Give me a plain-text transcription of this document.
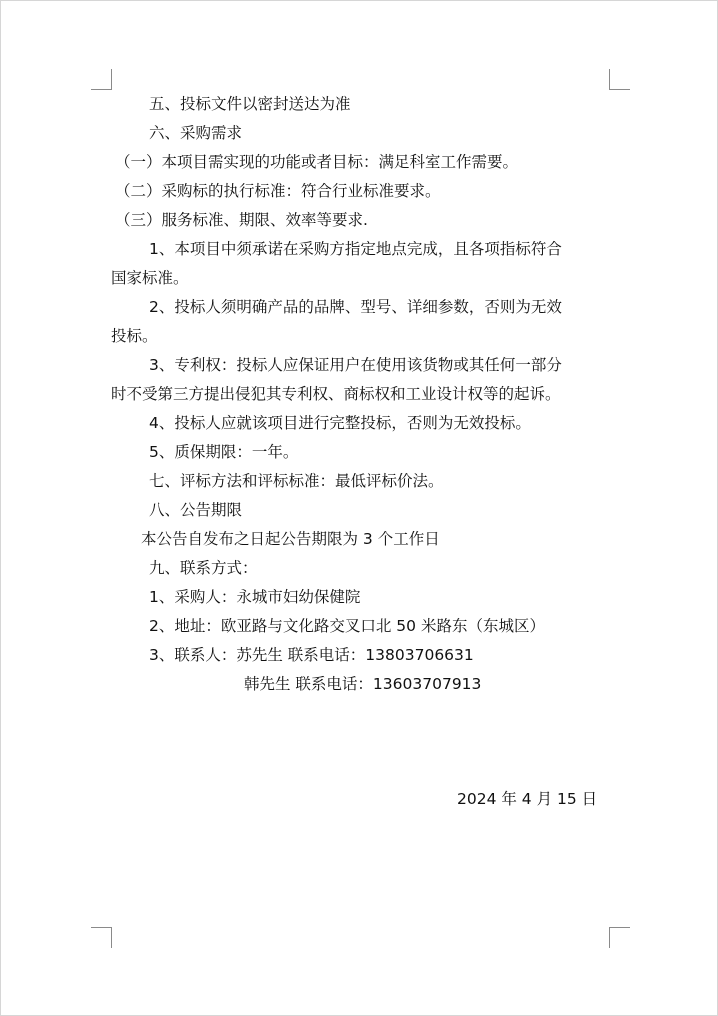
五、投标文件以密封送达为准
六、采购需求
（一）本项目需实现的功能或者目标：满足科室工作需要。
（二）采购标的执行标准：符合行业标准要求。
（三）服务标准、期限、效率等要求.
1、本项目中须承诺在采购方指定地点完成，且各项指标符合
国家标准。
2、投标人须明确产品的品牌、型号、详细参数，否则为无效
投标。
3、专利权：投标人应保证用户在使用该货物或其任何一部分
时不受第三方提出侵犯其专利权、商标权和工业设计权等的起诉。
4、投标人应就该项目进行完整投标，否则为无效投标。
5、质保期限：一年。
七、评标方法和评标标准：最低评标价法。
八、公告期限
本公告自发布之日起公告期限为 3 个工作日
九、联系方式：
1、采购人：永城市妇幼保健院
2、地址：欧亚路与文化路交叉口北 50 米路东（东城区）
3、联系人：苏先生 联系电话：13803706631
韩先生 联系电话：13603707913
2024 年 4 月 15 日
